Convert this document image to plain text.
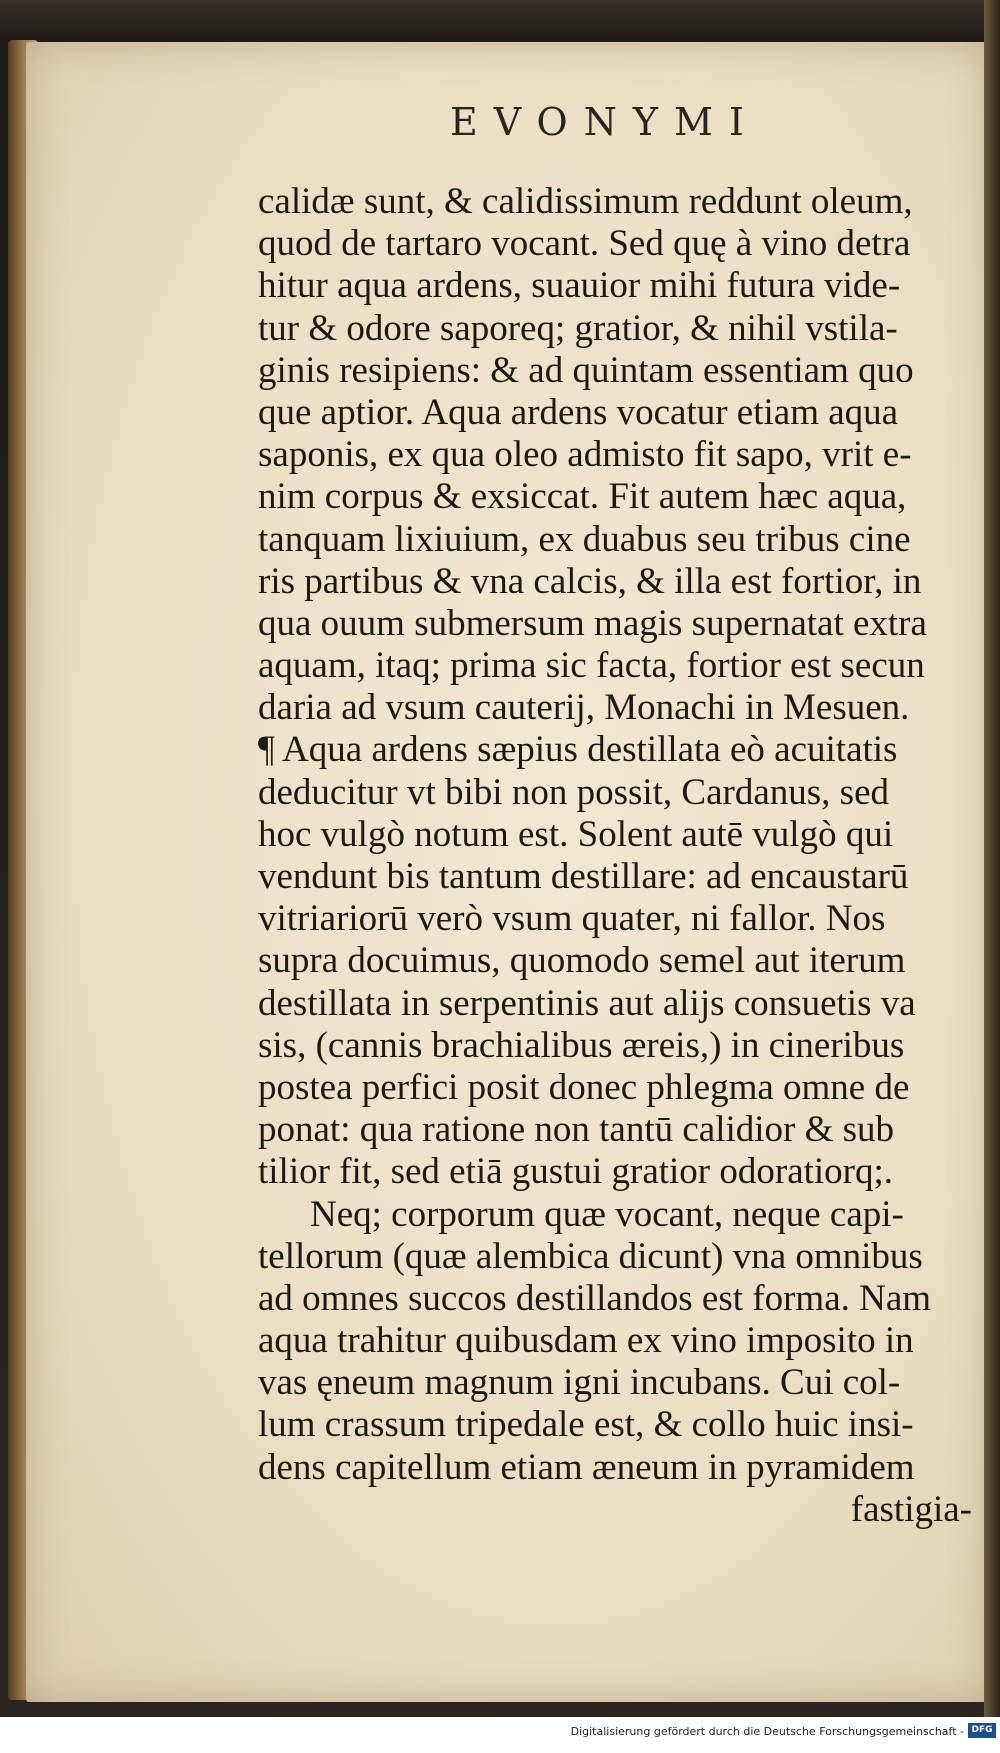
EVONYMI
calidæ sunt, & calidissimum reddunt oleum,
quod de tartaro vocant. Sed quę à vino detra
hitur aqua ardens, suauior mihi futura vide-
tur & odore saporeq; gratior, & nihil vstila-
ginis resipiens: & ad quintam essentiam quo
que aptior. Aqua ardens vocatur etiam aqua
saponis, ex qua oleo admisto fit sapo, vrit e-
nim corpus & exsiccat. Fit autem hæc aqua,
tanquam lixiuium, ex duabus seu tribus cine
ris partibus & vna calcis, & illa est fortior, in
qua ouum submersum magis supernatat extra
aquam, itaq; prima sic facta, fortior est secun
daria ad vsum cauterij, Monachi in Mesuen.
¶ Aqua ardens sæpius destillata eò acuitatis
deducitur vt bibi non possit, Cardanus, sed
hoc vulgò notum est. Solent autē vulgò qui
vendunt bis tantum destillare: ad encaustarū
vitriariorū verò vsum quater, ni fallor. Nos
supra docuimus, quomodo semel aut iterum
destillata in serpentinis aut alijs consuetis va
sis, (cannis brachialibus æreis,) in cineribus
postea perfici posit donec phlegma omne de
ponat: qua ratione non tantū calidior & sub
tilior fit, sed etiā gustui gratior odoratiorq;.
Neq; corporum quæ vocant, neque capi-
tellorum (quæ alembica dicunt) vna omnibus
ad omnes succos destillandos est forma. Nam
aqua trahitur quibusdam ex vino imposito in
vas ęneum magnum igni incubans. Cui col-
lum crassum tripedale est, & collo huic insi-
dens capitellum etiam æneum in pyramidem
fastigia-
Digitalisierung gefördert durch die Deutsche Forschungsgemeinschaft - DFG
